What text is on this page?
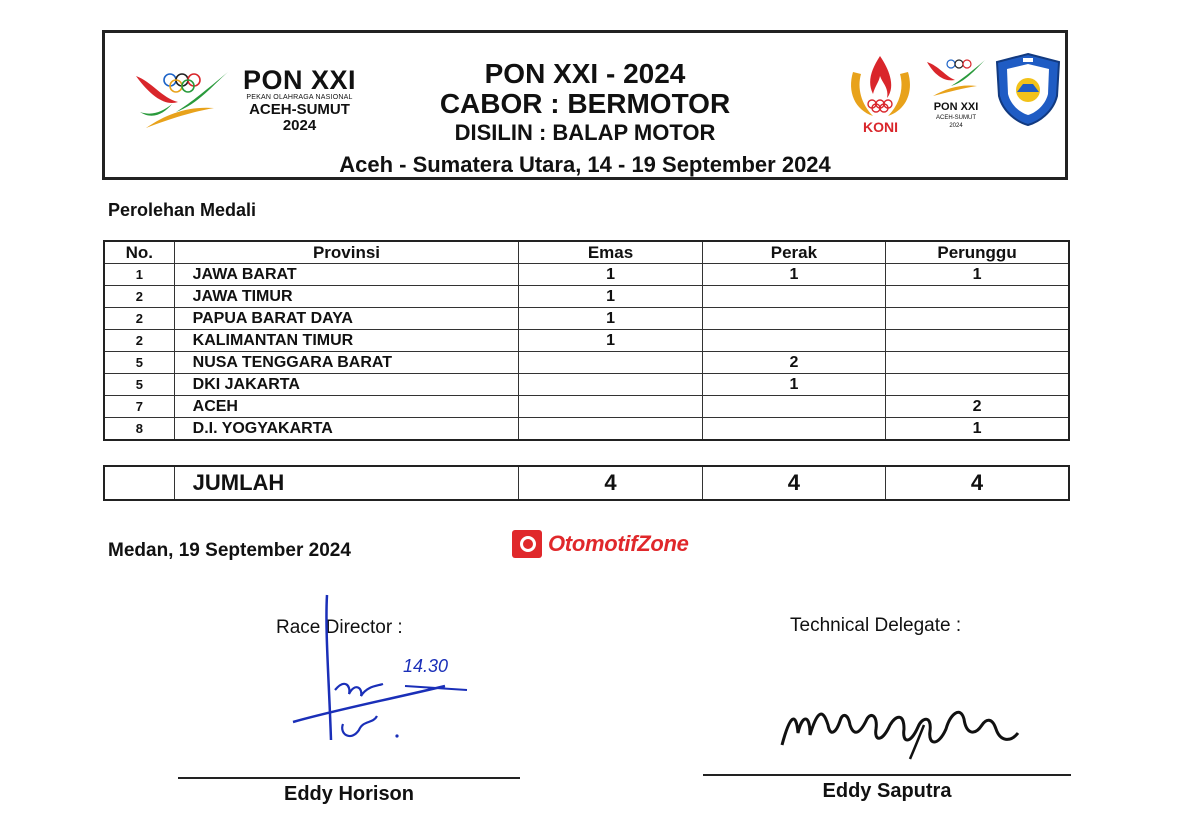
PON XXI
PEKAN OLAHRAGA NASIONAL
ACEH-SUMUT
2024
PON XXI - 2024
CABOR : BERMOTOR
DISILIN : BALAP MOTOR
Aceh - Sumatera Utara, 14 - 19 September 2024
KONI
PON XXI
ACEH-SUMUT
2024
Perolehan Medali
No.	Provinsi	Emas	Perak	Perunggu
1	JAWA BARAT	1	1	1
2	JAWA TIMUR	1		
2	PAPUA BARAT DAYA	1		
2	KALIMANTAN TIMUR	1		
5	NUSA TENGGARA BARAT		2	
5	DKI JAKARTA		1	
7	ACEH			2
8	D.I. YOGYAKARTA			1
	JUMLAH	4	4	4
Medan, 19 September 2024	OtomotifZone
Race Director :	Technical Delegate :
14.30
Eddy Horison	Eddy Saputra
